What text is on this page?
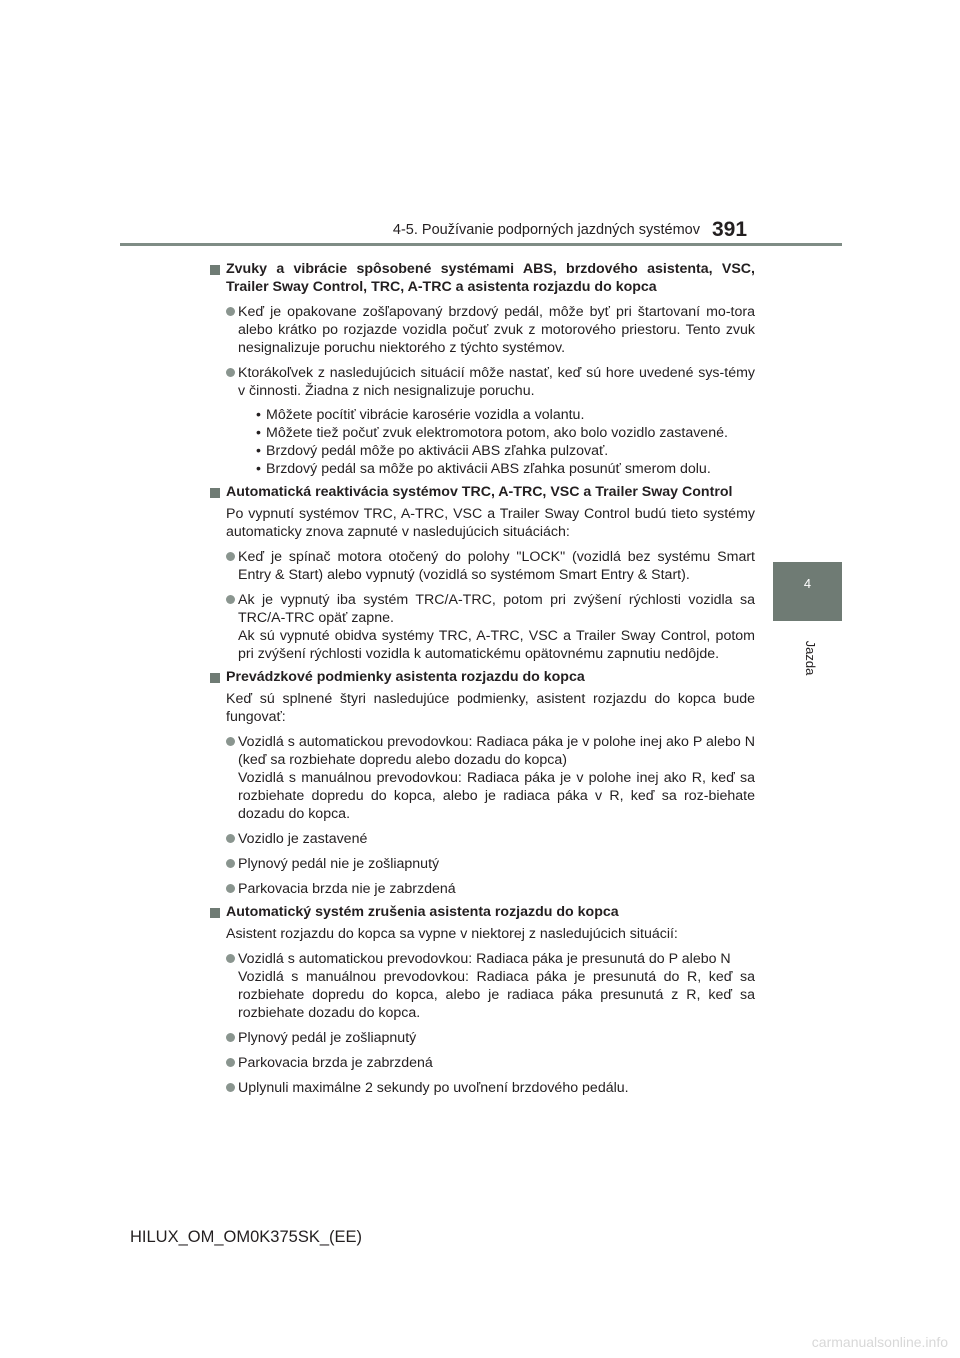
4-5. Používanie podporných jazdných systémov 391
4
Jazda
Zvuky a vibrácie spôsobené systémami ABS, brzdového asistenta, VSC, Trailer Sway Control, TRC, A-TRC a asistenta rozjazdu do kopca

Keď je opakovane zošľapovaný brzdový pedál, môže byť pri štartovaní mo-tora alebo krátko po rozjazde vozidla počuť zvuk z motorového priestoru. Tento zvuk nesignalizuje poruchu niektorého z týchto systémov.

Ktorákoľvek z nasledujúcich situácií môže nastať, keď sú hore uvedené sys-témy v činnosti. Žiadna z nich nesignalizuje poruchu.

• Môžete pocítiť vibrácie karosérie vozidla a volantu.
• Môžete tiež počuť zvuk elektromotora potom, ako bolo vozidlo zastavené.
• Brzdový pedál môže po aktivácii ABS zľahka pulzovať.
• Brzdový pedál sa môže po aktivácii ABS zľahka posunúť smerom dolu.
Automatická reaktivácia systémov TRC, A-TRC, VSC a Trailer Sway Control
Po vypnutí systémov TRC, A-TRC, VSC a Trailer Sway Control budú tieto systémy automaticky znova zapnuté v nasledujúcich situáciách:

Keď je spínač motora otočený do polohy "LOCK" (vozidlá bez systému Smart Entry & Start) alebo vypnutý (vozidlá so systémom Smart Entry & Start).

Ak je vypnutý iba systém TRC/A-TRC, potom pri zvýšení rýchlosti vozidla sa TRC/A-TRC opäť zapne.

Ak sú vypnuté obidva systémy TRC, A-TRC, VSC a Trailer Sway Control, potom pri zvýšení rýchlosti vozidla k automatickému opätovnému zapnutiu nedôjde.

Prevádzkové podmienky asistenta rozjazdu do kopca
Keď sú splnené štyri nasledujúce podmienky, asistent rozjazdu do kopca bude fungovať:

Vozidlá s automatickou prevodovkou: Radiaca páka je v polohe inej ako P alebo N (keď sa rozbiehate dopredu alebo dozadu do kopca)

Vozidlá s manuálnou prevodovkou: Radiaca páka je v polohe inej ako R, keď sa rozbiehate dopredu do kopca, alebo je radiaca páka v R, keď sa roz-biehate dozadu do kopca.

Vozidlo je zastavené

Plynový pedál nie je zošliapnutý

Parkovacia brzda nie je zabrzdená

Automatický systém zrušenia asistenta rozjazdu do kopca
Asistent rozjazdu do kopca sa vypne v niektorej z nasledujúcich situácií:

Vozidlá s automatickou prevodovkou: Radiaca páka je presunutá do P alebo N

Vozidlá s manuálnou prevodovkou: Radiaca páka je presunutá do R, keď sa rozbiehate dopredu do kopca, alebo je radiaca páka presunutá z R, keď sa rozbiehate dozadu do kopca.

Plynový pedál je zošliapnutý

Parkovacia brzda je zabrzdená

Uplynuli maximálne 2 sekundy po uvoľnení brzdového pedálu.

HILUX_OM_OM0K375SK_(EE)
carmanualsonline.info
